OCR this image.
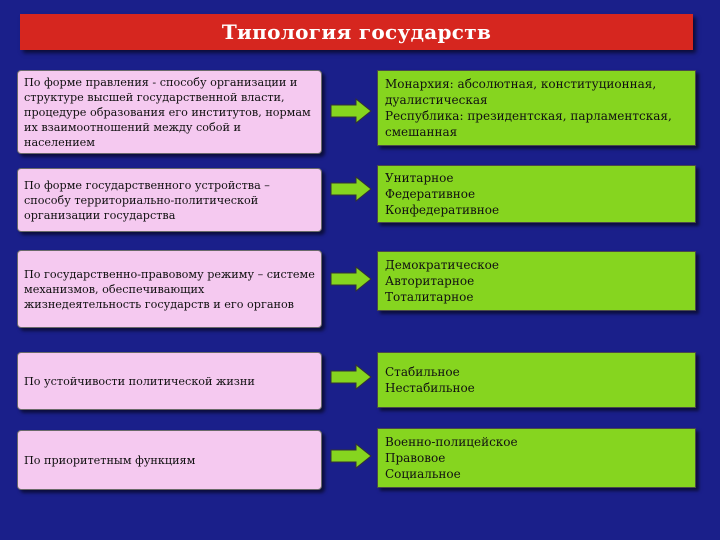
Типология государств
По форме правления - способу организации и структуре высшей государственной власти, процедуре образования его институтов, нормам их взаимоотношений между собой и населением
Монархия: абсолютная, конституционная, дуалистическая
Республика: президентская, парламентская, смешанная
По форме государственного устройства – способу территориально-политической организации государства
Унитарное
Федеративное
Конфедеративное
По государственно-правовому режиму – системе механизмов, обеспечивающих жизнедеятельность государств и его органов
Демократическое
Авторитарное
Тоталитарное
По устойчивости политической жизни
Стабильное
Нестабильное
По приоритетным функциям
Военно-полицейское
Правовое
Социальное
